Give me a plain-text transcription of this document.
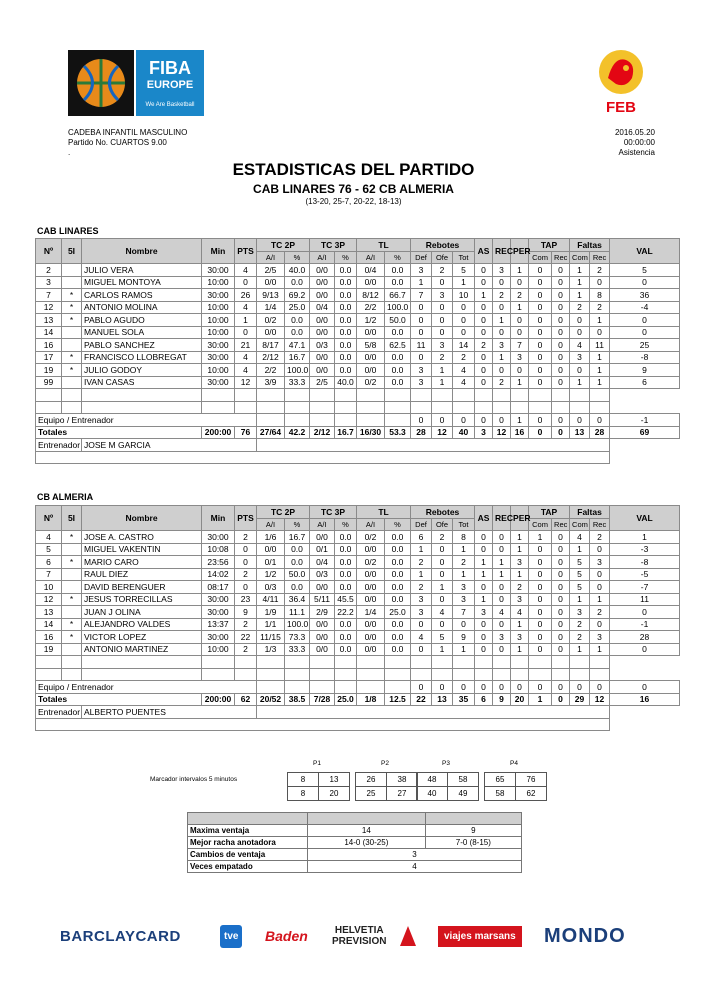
FIBA
EUROPE
We Are Basketball	FEB
CADEBA INFANTIL MASCULINO
Partido No. CUARTOS 9.00
.
2016.05.20
00:00:00
Asistencia
ESTADISTICAS DEL PARTIDO
CAB LINARES 76 - 62 CB ALMERIA
(13-20, 25-7, 20-22, 18-13)
CAB LINARES
Nº	5I	Nombre	Min	PTS	TC 2P		TC 3P		TL		Rebotes			AS	REC	PER	TAP		Faltas		VAL
					A/I	%	A/I	%	A/I	%	Def	Ofe	Tot				Com	Rec	Com	Rec	
2		JULIO VERA	30:00	4	2/5	40.0	0/0	0.0	0/4	0.0	3	2	5	0	3	1	0	0	1	2	5
3		MIGUEL MONTOYA	10:00	0	0/0	0.0	0/0	0.0	0/0	0.0	1	0	1	0	0	0	0	0	1	0	0
7	*	CARLOS RAMOS	30:00	26	9/13	69.2	0/0	0.0	8/12	66.7	7	3	10	1	2	2	0	0	1	8	36
12	*	ANTONIO MOLINA	10:00	4	1/4	25.0	0/4	0.0	2/2	100.0	0	0	0	0	0	1	0	0	2	2	-4
13	*	PABLO AGUDO	10:00	1	0/2	0.0	0/0	0.0	1/2	50.0	0	0	0	0	1	0	0	0	0	1	0
14		MANUEL SOLA	10:00	0	0/0	0.0	0/0	0.0	0/0	0.0	0	0	0	0	0	0	0	0	0	0	0
16		PABLO SANCHEZ	30:00	21	8/17	47.1	0/3	0.0	5/8	62.5	11	3	14	2	3	7	0	0	4	11	25
17	*	FRANCISCO LLOBREGAT	30:00	4	2/12	16.7	0/0	0.0	0/0	0.0	0	2	2	0	1	3	0	0	3	1	-8
19	*	JULIO GODOY	10:00	4	2/2	100.0	0/0	0.0	0/0	0.0	3	1	4	0	0	0	0	0	0	1	9
99		IVAN CASAS	30:00	12	3/9	33.3	2/5	40.0	0/2	0.0	3	1	4	0	2	1	0	0	1	1	6

Equipo / Entrenador											0	0	0	0	0	1	0	0	0	0	-1
Totales			200:00	76	27/64	42.2	2/12	16.7	16/30	53.3	28	12	40	3	12	16	0	0	13	28	69
Entrenador		JOSE M GARCIA																			

CB ALMERIA
Nº	5I	Nombre	Min	PTS	TC 2P		TC 3P		TL		Rebotes			AS	REC	PER	TAP		Faltas		VAL
					A/I	%	A/I	%	A/I	%	Def	Ofe	Tot				Com	Rec	Com	Rec	
4	*	JOSE A. CASTRO	30:00	2	1/6	16.7	0/0	0.0	0/2	0.0	6	2	8	0	0	1	1	0	4	2	1
5		MIGUEL VAKENTIN	10:08	0	0/0	0.0	0/1	0.0	0/0	0.0	1	0	1	0	0	1	0	0	1	0	-3
6	*	MARIO CARO	23:56	0	0/1	0.0	0/4	0.0	0/2	0.0	2	0	2	1	1	3	0	0	5	3	-8
7		RAUL DIEZ	14:02	2	1/2	50.0	0/3	0.0	0/0	0.0	1	0	1	1	1	1	0	0	5	0	-5
10		DAVID BERENGUER	08:17	0	0/3	0.0	0/0	0.0	0/0	0.0	2	1	3	0	0	2	0	0	5	0	-7
12	*	JESUS TORRECILLAS	30:00	23	4/11	36.4	5/11	45.5	0/0	0.0	3	0	3	1	0	3	0	0	1	1	11
13		JUAN J OLINA	30:00	9	1/9	11.1	2/9	22.2	1/4	25.0	3	4	7	3	4	4	0	0	3	2	0
14	*	ALEJANDRO VALDES	13:37	2	1/1	100.0	0/0	0.0	0/0	0.0	0	0	0	0	0	1	0	0	2	0	-1
16	*	VICTOR LOPEZ	30:00	22	11/15	73.3	0/0	0.0	0/0	0.0	4	5	9	0	3	3	0	0	2	3	28
19		ANTONIO MARTINEZ	10:00	2	1/3	33.3	0/0	0.0	0/0	0.0	0	1	1	0	0	1	0	0	1	1	0

Equipo / Entrenador											0	0	0	0	0	0	0	0	0	0	0
Totales			200:00	62	20/52	38.5	7/28	25.0	1/8	12.5	22	13	35	6	9	20	1	0	29	12	16
Entrenador		ALBERTO PUENTES																			

Marcador intervalos 5 minutos
P1
8	13
8	20
P2
26	38
25	27
P3
48	58
40	49
P4
65	76
58	62

Maxima ventaja	14	9
Mejor racha anotadora	14-0 (30-25)	7-0 (8-15)
Cambios de ventaja	3	
Veces empatado	4	
BARCLAYCARD	tve Baden	HELVETIA
PREVISION	viajes marsans	MONDO
